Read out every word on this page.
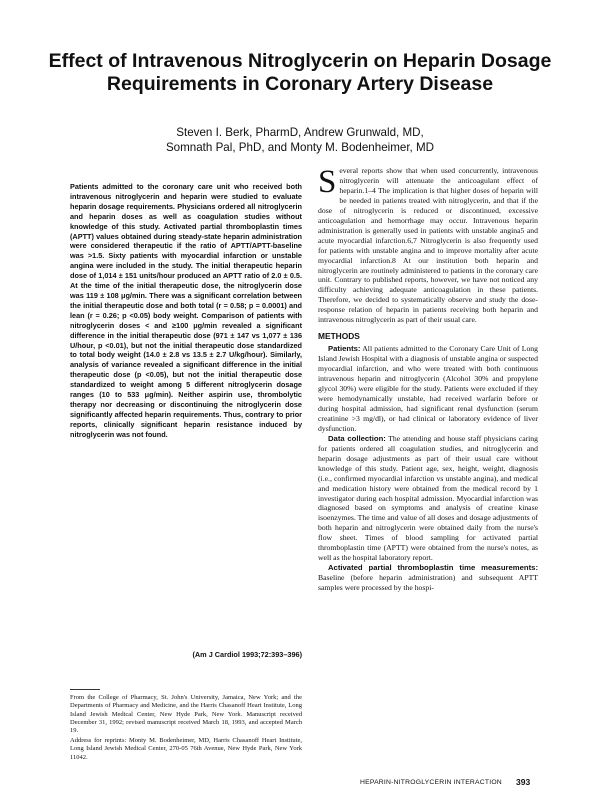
Effect of Intravenous Nitroglycerin on Heparin Dosage Requirements in Coronary Artery Disease
Steven I. Berk, PharmD, Andrew Grunwald, MD,
Somnath Pal, PhD, and Monty M. Bodenheimer, MD

Patients admitted to the coronary care unit who received both intravenous nitroglycerin and heparin were studied to evaluate heparin dosage requirements. Physicians ordered all nitroglycerin and heparin doses as well as coagulation studies without knowledge of this study. Activated partial thromboplastin times (APTT) values obtained during steady-state heparin administration were considered therapeutic if the ratio of APTT/APTT-baseline was >1.5. Sixty patients with myocardial infarction or unstable angina were included in the study. The initial therapeutic heparin dose of 1,014 ± 151 units/hour produced an APTT ratio of 2.0 ± 0.5. At the time of the initial therapeutic dose, the nitroglycerin dose was 119 ± 108 μg/min. There was a significant correlation between the initial therapeutic dose and both total (r = 0.58; p = 0.0001) and lean (r = 0.26; p <0.05) body weight. Comparison of patients with nitroglycerin doses < and ≥100 μg/min revealed a significant difference in the initial therapeutic dose (971 ± 147 vs 1,077 ± 136 U/hour, p <0.01), but not the initial therapeutic dose standardized to total body weight (14.0 ± 2.8 vs 13.5 ± 2.7 U/kg/hour). Similarly, analysis of variance revealed a significant difference in the initial therapeutic dose (p <0.05), but not the initial therapeutic dose standardized to weight among 5 different nitroglycerin dosage ranges (10 to 533 μg/min). Neither aspirin use, thrombolytic therapy nor decreasing or discontinuing the nitroglycerin dose significantly affected heparin requirements. Thus, contrary to prior reports, clinically significant heparin resistance induced by nitroglycerin was not found.

(Am J Cardiol 1993;72:393–396)

From the College of Pharmacy, St. John's University, Jamaica, New York; and the Departments of Pharmacy and Medicine, and the Harris Chasanoff Heart Institute, Long Island Jewish Medical Center, New Hyde Park, New York. Manuscript received December 31, 1992; revised manuscript received March 18, 1993, and accepted March 19.

Address for reprints: Monty M. Bodenheimer, MD, Harris Chasanoff Heart Institute, Long Island Jewish Medical Center, 270-05 76th Avenue, New Hyde Park, New York 11042.

Several reports show that when used concurrently, intravenous nitroglycerin will attenuate the anticoagulant effect of heparin.1–4 The implication is that higher doses of heparin will be needed in patients treated with nitroglycerin, and that if the dose of nitroglycerin is reduced or discontinued, excessive anticoagulation and hemorrhage may occur. Intravenous heparin administration is generally used in patients with unstable angina5 and acute myocardial infarction.6,7 Nitroglycerin is also frequently used for patients with unstable angina and to improve mortality after acute myocardial infarction.8 At our institution both heparin and nitroglycerin are routinely administered to patients in the coronary care unit. Contrary to published reports, however, we have not noticed any difficulty achieving adequate anticoagulation in these patients. Therefore, we decided to systematically observe and study the dose-response relation of heparin in patients receiving both heparin and intravenous nitroglycerin as part of their usual care.

METHODS

Patients: All patients admitted to the Coronary Care Unit of Long Island Jewish Hospital with a diagnosis of unstable angina or suspected myocardial infarction, and who were treated with both continuous intravenous heparin and nitroglycerin (Alcohol 30% and propylene glycol 30%) were eligible for the study. Patients were excluded if they were hemodynamically unstable, had received warfarin before or during hospital admission, had significant renal dysfunction (serum creatinine >3 mg/dl), or had clinical or laboratory evidence of liver dysfunction.

Data collection: The attending and house staff physicians caring for patients ordered all coagulation studies, and nitroglycerin and heparin dosage adjustments as part of their usual care without knowledge of this study. Patient age, sex, height, weight, diagnosis (i.e., confirmed myocardial infarction vs unstable angina), and medical and medication history were obtained from the medical record by 1 investigator during each hospital admission. Myocardial infarction was diagnosed based on symptoms and analysis of creatine kinase isoenzymes. The time and value of all doses and dosage adjustments of both heparin and nitroglycerin were obtained daily from the nurse's flow sheet. Times of blood sampling for activated partial thromboplastin time (APTT) were obtained from the nurse's notes, as well as the hospital laboratory report.

Activated partial thromboplastin time measurements: Baseline (before heparin administration) and subsequent APTT samples were processed by the hospi-

HEPARIN-NITROGLYCERIN INTERACTION 393
